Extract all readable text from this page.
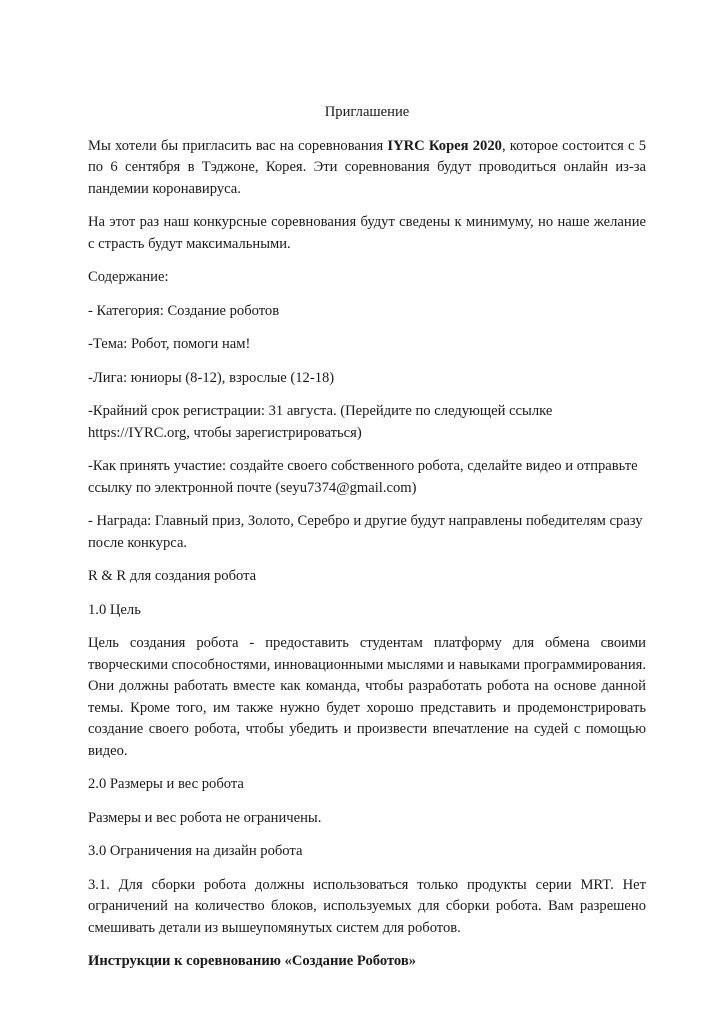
Приглашение

Мы хотели бы пригласить вас на соревнования IYRC Корея 2020, которое состоится с 5 по 6 сентября в Тэджоне, Корея. Эти соревнования будут проводиться онлайн из-за пандемии коронавируса.

На этот раз наш конкурсные соревнования будут сведены к минимуму, но наше желание с страсть будут максимальными.

Содержание:

- Категория: Создание роботов

-Тема: Робот, помоги нам!

-Лига: юниоры (8-12), взрослые (12-18)

-Крайний срок регистрации: 31 августа. (Перейдите по следующей ссылке https://IYRC.org, чтобы зарегистрироваться)

-Как принять участие: создайте своего собственного робота, сделайте видео и отправьте ссылку по электронной почте (seyu7374@gmail.com)

- Награда: Главный приз, Золото, Серебро и другие будут направлены победителям сразу после конкурса.

R & R для создания робота

1.0 Цель

Цель создания робота - предоставить студентам платформу для обмена своими творческими способностями, инновационными мыслями и навыками программирования. Они должны работать вместе как команда, чтобы разработать робота на основе данной темы. Кроме того, им также нужно будет хорошо представить и продемонстрировать создание своего робота, чтобы убедить и произвести впечатление на судей с помощью видео.

2.0 Размеры и вес робота

Размеры и вес робота не ограничены.

3.0 Ограничения на дизайн робота

3.1. Для сборки робота должны использоваться только продукты серии MRT. Нет ограничений на количество блоков, используемых для сборки робота. Вам разрешено смешивать детали из вышеупомянутых систем для роботов.

Инструкции к соревнованию «Создание Роботов»
